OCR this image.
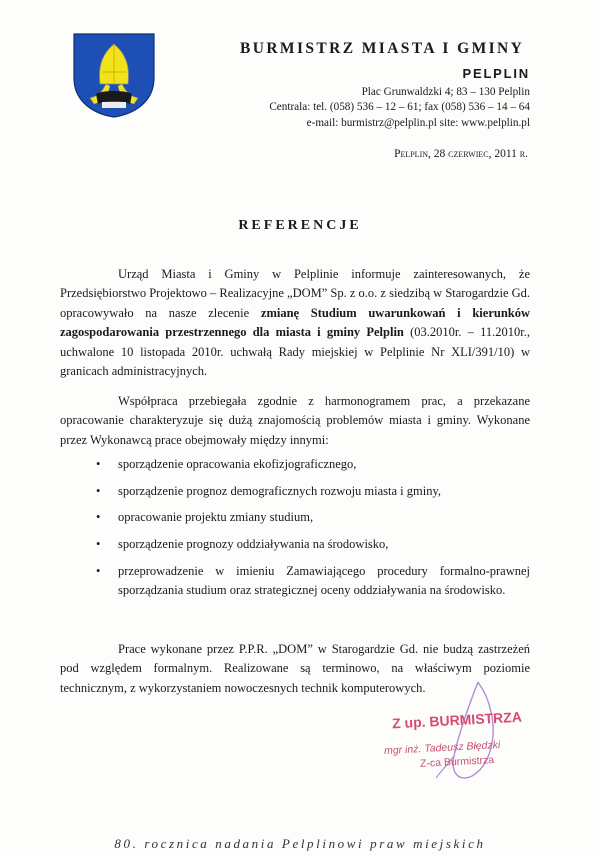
BURMISTRZ MIASTA I GMINY
PELPLIN
Plac Grunwaldzki 4; 83 – 130 Pelplin
Centrala: tel. (058) 536 – 12 – 61; fax (058) 536 – 14 – 64
e-mail: burmistrz@pelplin.pl site: www.pelplin.pl
Pelplin, 28 czerwiec, 2011 r.
REFERENCJE
Urząd Miasta i Gminy w Pelplinie informuje zainteresowanych, że Przedsiębiorstwo Projektowo – Realizacyjne „DOM” Sp. z o.o. z siedzibą w Starogardzie Gd. opracowywało na nasze zlecenie zmianę Studium uwarunkowań i kierunków zagospodarowania przestrzennego dla miasta i gminy Pelplin (03.2010r. – 11.2010r., uchwalone 10 listopada 2010r. uchwałą Rady miejskiej w Pelplinie Nr XLI/391/10) w granicach administracyjnych.
Współpraca przebiegała zgodnie z harmonogramem prac, a przekazane opracowanie charakteryzuje się dużą znajomością problemów miasta i gminy. Wykonane przez Wykonawcą prace obejmowały między innymi:
• sporządzenie opracowania ekofizjograficznego,
• sporządzenie prognoz demograficznych rozwoju miasta i gminy,
• opracowanie projektu zmiany studium,
• sporządzenie prognozy oddziaływania na środowisko,
• przeprowadzenie w imieniu Zamawiającego procedury formalno-prawnej sporządzania studium oraz strategicznej oceny oddziaływania na środowisko.
Prace wykonane przez P.P.R. „DOM” w Starogardzie Gd. nie budzą zastrzeżeń pod względem formalnym. Realizowane są terminowo, na właściwym poziomie technicznym, z wykorzystaniem nowoczesnych technik komputerowych.
Z up. BURMISTRZA
mgr inż. Tadeusz Błędzki
Z-ca Burmistrza
80. rocznica nadania Pelplinowi praw miejskich
